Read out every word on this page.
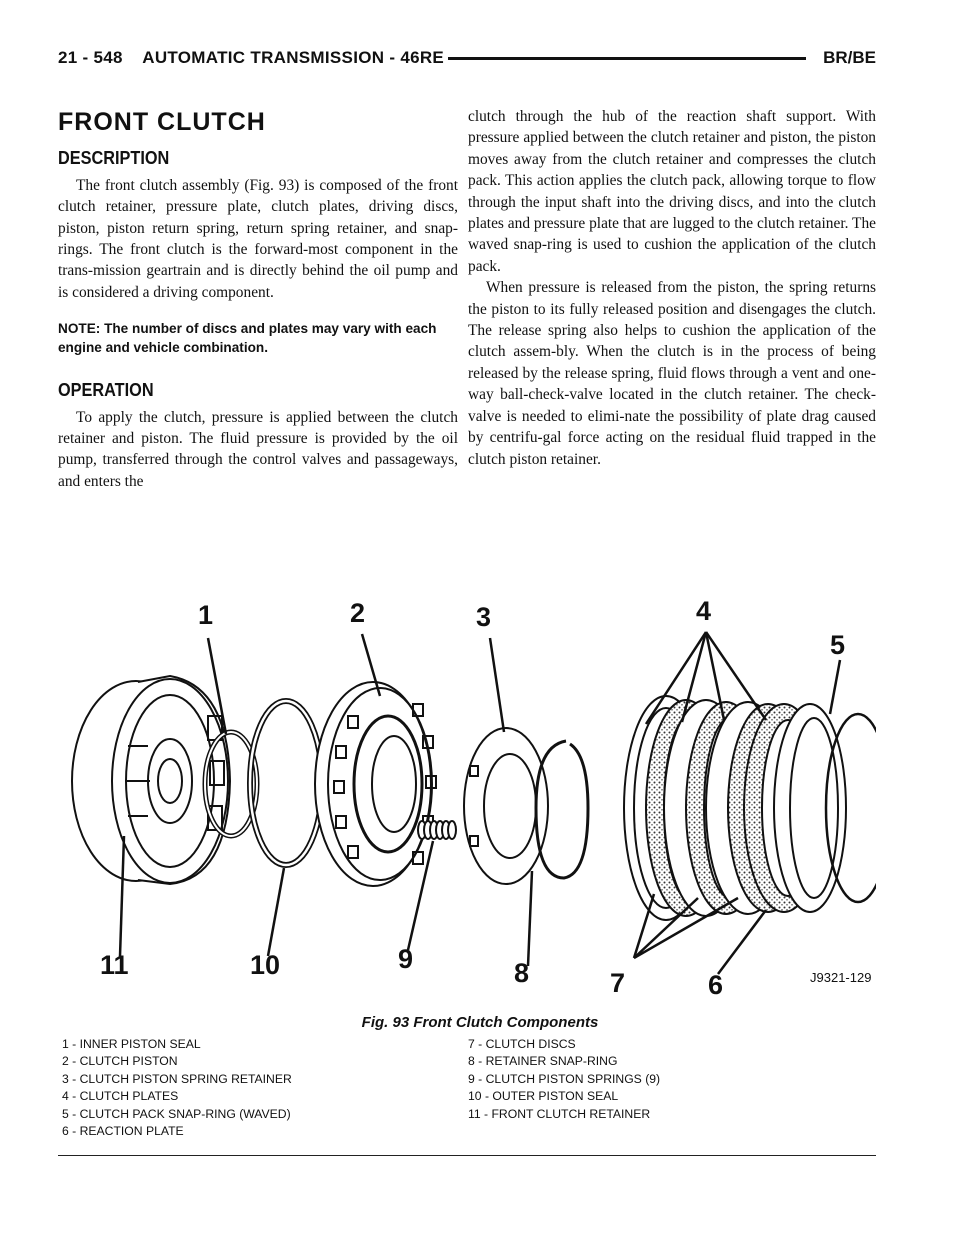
21 - 548    AUTOMATIC TRANSMISSION - 46RE	BR/BE
FRONT CLUTCH
DESCRIPTION

The front clutch assembly (Fig. 93) is composed of the front clutch retainer, pressure plate, clutch plates, driving discs, piston, piston return spring, return spring retainer, and snap-rings. The front clutch is the forward-most component in the trans-mission geartrain and is directly behind the oil pump and is considered a driving component.

NOTE: The number of discs and plates may vary with each engine and vehicle combination.

OPERATION

To apply the clutch, pressure is applied between the clutch retainer and piston. The fluid pressure is provided by the oil pump, transferred through the control valves and passageways, and enters the

clutch through the hub of the reaction shaft support. With pressure applied between the clutch retainer and piston, the piston moves away from the clutch retainer and compresses the clutch pack. This action applies the clutch pack, allowing torque to flow through the input shaft into the driving discs, and into the clutch plates and pressure plate that are lugged to the clutch retainer. The waved snap-ring is used to cushion the application of the clutch pack.

When pressure is released from the piston, the spring returns the piston to its fully released position and disengages the clutch. The release spring also helps to cushion the application of the clutch assem-bly. When the clutch is in the process of being released by the release spring, fluid flows through a vent and one-way ball-check-valve located in the clutch retainer. The check-valve is needed to elimi-nate the possibility of plate drag caused by centrifu-gal force acting on the residual fluid trapped in the clutch piston retainer.

1	2	3	4
5
6
7
8
9
10
11	J9321-129
Fig. 93 Front Clutch Components
1 - INNER PISTON SEAL
2 - CLUTCH PISTON
3 - CLUTCH PISTON SPRING RETAINER
4 - CLUTCH PLATES
5 - CLUTCH PACK SNAP-RING (WAVED)
6 - REACTION PLATE
7 - CLUTCH DISCS
8 - RETAINER SNAP-RING
9 - CLUTCH PISTON SPRINGS (9)
10 - OUTER PISTON SEAL
11 - FRONT CLUTCH RETAINER
